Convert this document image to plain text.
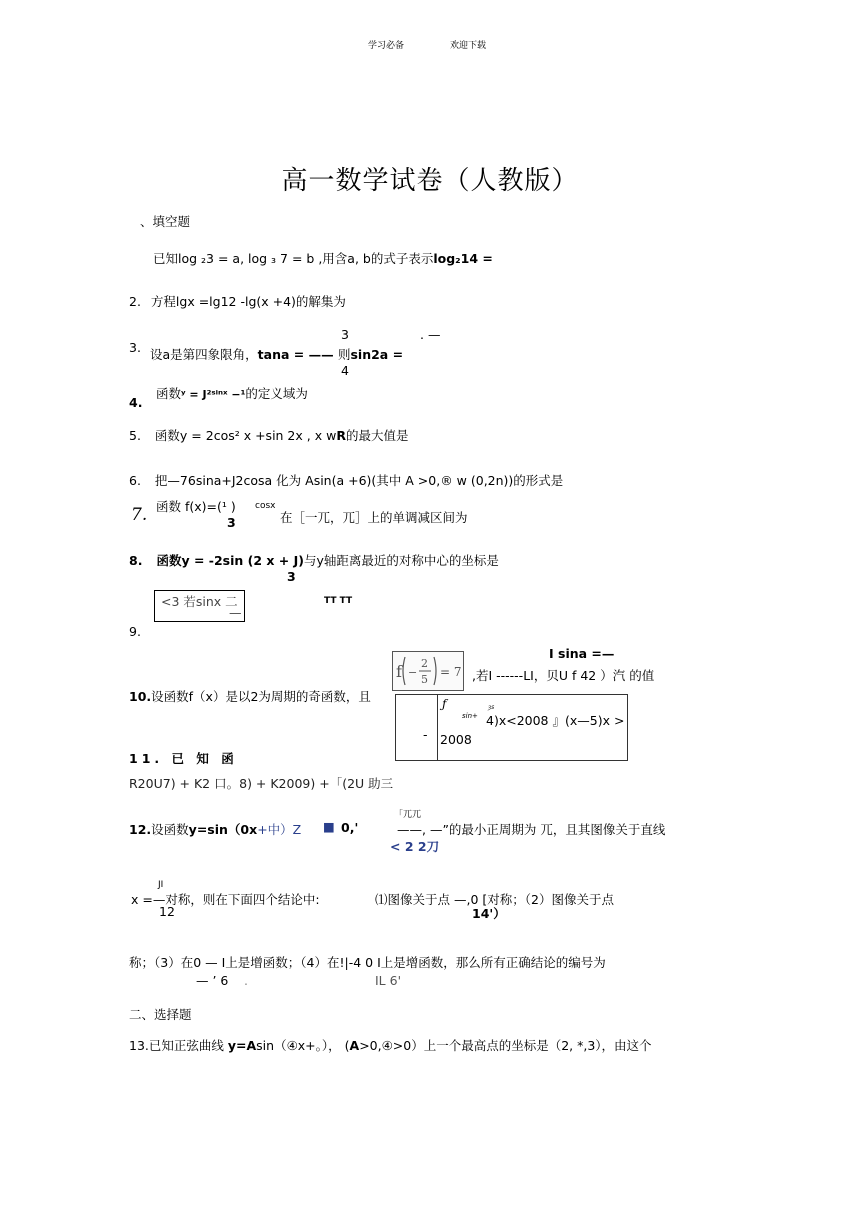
学习必备	欢迎下载
高一数学试卷（人教版）
、填空题
已知log ₂3 = a, log ₃ 7 = b ,用含a, b的式子表示log₂14 =
2. 方程lgx =lg12 -lg(x +4)的解集为
3	. —
3. 设a是第四象限角，tana = —— 则sin2a =
4
函数ʸ = J²ˢⁱⁿˣ −¹的定义域为
4.
5. 函数y = 2cos² x +sin 2x , x wR的最大值是
6. 把—76sina+J2cosa 化为 Asin(a +6)(其中 A >0,® w (0,2n))的形式是
函数 f(x)=(¹ ) cosx
7.	在［一兀，兀］上的单调减区间为
3
8. 函数y = -2sin (2 x + J)与y轴距离最近的对称中心的坐标是
3
<3 若sinx 二
—
TT TT
9.
I sina =—
f −
2
5
= 7 ,若I ------LI，贝U f 42 ）汽 的值
10.设函数f（x）是以2为周期的奇函数，且	ƒ	ȝs
sin+ 4)x<2008 』(x—5)x >
- 2008
11. 已 知 函
R20U7) + K2 口。8) + K2009) +「(2U 助三
「兀兀
12.设函数y=sin（0x+中）Z ■ 0,'	——, —”的最小正周期为 兀，且其图像关于直线
< 2 2刀
JI
x =—对称，则在下面四个结论中:	⑴图像关于点 —,0 [对称；（2）图像关于点
12	14'）
称；（3）在0 — I上是增函数；（4）在!|-4 0 I上是增函数，那么所有正确结论的编号为
— ’ 6 .	IL 6'
二、选择题
13.已知正弦曲线 y=Asin（④x+。）， (A>0,④>0）上一个最高点的坐标是（2, *,3），由这个
